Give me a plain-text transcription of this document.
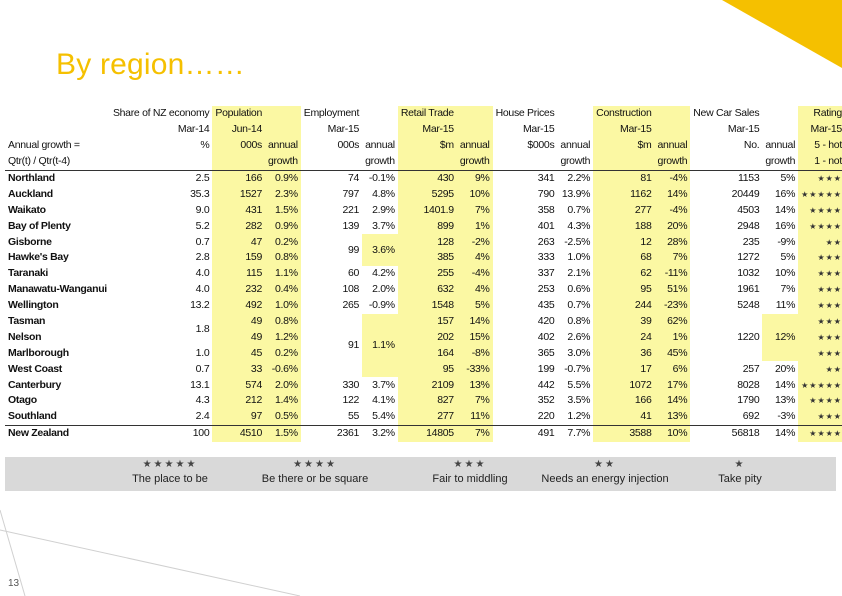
By region……
	Share of NZ economy	Population		Employment		Retail Trade		House Prices		Construction		New Car Sales		Rating
	Mar-14	Jun-14		Mar-15		Mar-15		Mar-15		Mar-15		Mar-15		Mar-15
Annual growth =	%	000s	annual	000s	annual	$m	annual	$000s	annual	$m	annual	No.	annual	5 - hot
Qtr(t) / Qtr(t-4)			growth		growth		growth		growth		growth		growth	1 - not
Northland	2.5	166	0.9%	74	-0.1%	430	9%	341	2.2%	81	-4%	1153	5%	★★★
Auckland	35.3	1527	2.3%	797	4.8%	5295	10%	790	13.9%	1162	14%	20449	16%	★★★★★
Waikato	9.0	431	1.5%	221	2.9%	1401.9	7%	358	0.7%	277	-4%	4503	14%	★★★★
Bay of Plenty	5.2	282	0.9%	139	3.7%	899	1%	401	4.3%	188	20%	2948	16%	★★★★
Gisborne	0.7	47	0.2%	99	3.6%	128	-2%	263	-2.5%	12	28%	235	-9%	★★
Hawke's Bay	2.8	159	0.8%			385	4%	333	1.0%	68	7%	1272	5%	★★★
Taranaki	4.0	115	1.1%	60	4.2%	255	-4%	337	2.1%	62	-11%	1032	10%	★★★
Manawatu-Wanganui	4.0	232	0.4%	108	2.0%	632	4%	253	0.6%	95	51%	1961	7%	★★★
Wellington	13.2	492	1.0%	265	-0.9%	1548	5%	435	0.7%	244	-23%	5248	11%	★★★
Tasman	1.8	49	0.8%	91	1.1%	157	14%	420	0.8%	39	62%	1220	12%	★★★
Nelson		49	1.2%			202	15%	402	2.6%	24	1%			★★★
Marlborough	1.0	45	0.2%			164	-8%	365	3.0%	36	45%			★★★
West Coast	0.7	33	-0.6%			95	-33%	199	-0.7%	17	6%	257	20%	★★
Canterbury	13.1	574	2.0%	330	3.7%	2109	13%	442	5.5%	1072	17%	8028	14%	★★★★★
Otago	4.3	212	1.4%	122	4.1%	827	7%	352	3.5%	166	14%	1790	13%	★★★★
Southland	2.4	97	0.5%	55	5.4%	277	11%	220	1.2%	41	13%	692	-3%	★★★
New Zealand	100	4510	1.5%	2361	3.2%	14805	7%	491	7.7%	3588	10%	56818	14%	★★★★
★★★★★
The place to be
★★★★
Be there or be square
★★★
Fair to middling
★★
Needs an energy injection
★
Take pity
13
